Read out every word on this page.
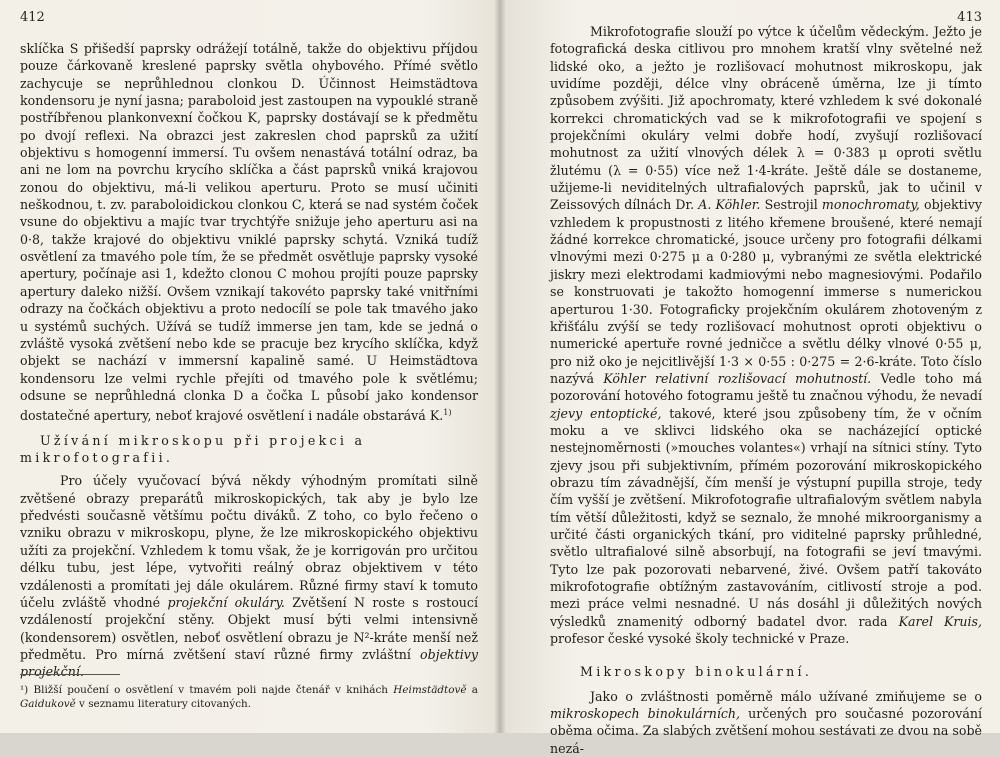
412

sklíčka S přišedší paprsky odrážejí totálně, takže do objektivu příjdou pouze čárkovaně kreslené paprsky světla ohybového. Přímé světlo zachycuje se neprůhlednou clonkou D. Účinnost Heimstädtova kondensoru je nyní jasna; paraboloid jest zastoupen na vypouklé straně postříbřenou plankonvexní čočkou K, paprsky dostávají se k předmětu po dvojí reflexi. Na obrazci jest zakreslen chod paprsků za užití objektivu s homogenní immersí. Tu ovšem nenastává totální odraz, ba ani ne lom na povrchu krycího sklíčka a část paprsků vniká krajovou zonou do objektivu, má-li velikou aperturu. Proto se musí učiniti neškodnou, t. zv. paraboloidickou clonkou C, která se nad systém čoček vsune do objektivu a majíc tvar trychtýře snižuje jeho aperturu asi na 0·8, takže krajové do objektivu vniklé paprsky schytá. Vzniká tudíž osvětlení za tmavého pole tím, že se předmět osvětluje paprsky vysoké apertury, počínaje asi 1, kdežto clonou C mohou projíti pouze paprsky apertury daleko nižší. Ovšem vznikají takovéto paprsky také vnitřními odrazy na čočkách objektivu a proto nedocílí se pole tak tmavého jako u systémů suchých. Užívá se tudíž immerse jen tam, kde se jedná o zvláště vysoká zvětšení nebo kde se pracuje bez krycího sklíčka, když objekt se nachází v immersní kapalině samé. U Heimstädtova kondensoru lze velmi rychle přejíti od tmavého pole k světlému; odsune se neprůhledná clonka D a čočka L působí jako kondensor dostatečné apertury, neboť krajové osvětlení i nadále obstarává K.$^{1)}$

Užívání mikroskopu při projekci a mikrofotografii.

Pro účely vyučovací bývá někdy výhodným promítati silně zvětšené obrazy preparátů mikroskopických, tak aby je bylo lze předvésti současně většímu počtu diváků. Z toho, co bylo řečeno o vzniku obrazu v mikroskopu, plyne, že lze mikroskopického objektivu užíti za projekční. Vzhledem k tomu však, že je korrigován pro určitou délku tubu, jest lépe, vytvořiti reálný obraz objektivem v této vzdálenosti a promítati jej dále okulárem. Různé firmy staví k tomuto účelu zvláště vhodné projekční okuláry. Zvětšení N roste s rostoucí vzdáleností projekční stěny. Objekt musí býti velmi intensivně (kondensorem) osvětlen, neboť osvětlení obrazu je N²-kráte menší než předmětu. Pro mírná zvětšení staví různé firmy zvláštní objektivy projekční.

¹) Bližší poučení o osvětlení v tmavém poli najde čtenář v knihách Heimstädtově a Gaidukově v seznamu literatury citovaných.
413

Mikrofotografie slouží po výtce k účelům vědeckým. Ježto je fotografická deska citlivou pro mnohem kratší vlny světelné než lidské oko, a ježto je rozlišovací mohutnost mikroskopu, jak uvidíme později, délce vlny obráceně úměrna, lze ji tímto způsobem zvýšiti. Již apochromaty, které vzhledem k své dokonalé korrekci chromatických vad se k mikrofotografii ve spojení s projekčními okuláry velmi dobře hodí, zvyšují rozlišovací mohutnost za užití vlnových délek λ = 0·383 μ oproti světlu žlutému (λ = 0·55) více než 1·4-kráte. Ještě dále se dostaneme, užijeme-li neviditelných ultrafialových paprsků, jak to učinil v Zeissových dílnách Dr. A. Köhler. Sestrojil monochromaty, objektivy vzhledem k propustnosti z litého křemene broušené, které nemají žádné korrekce chromatické, jsouce určeny pro fotografii délkami vlnovými mezi 0·275 μ a 0·280 μ, vybranými ze světla elektrické jiskry mezi elektrodami kadmiovými nebo magnesiovými. Podařilo se konstruovati je takožto homogenní immerse s numerickou aperturou 1·30. Fotograficky projekčním okulárem zhotoveným z křišťálu zvýší se tedy rozlišovací mohutnost oproti objektivu o numerické apertuře rovné jedničce a světlu délky vlnové 0·55 μ, pro niž oko je nejcitlivější 1·3 × 0·55 : 0·275 = 2·6-kráte. Toto číslo nazývá Köhler relativní rozlišovací mohutností. Vedle toho má pozorování hotového fotogramu ještě tu značnou výhodu, že nevadí zjevy entoptické, takové, které jsou způsobeny tím, že v očním moku a ve sklivci lidského oka se nacházející optické nestejnoměrnosti (»mouches volantes«) vrhají na sítnici stíny. Tyto zjevy jsou při subjektivním, přímém pozorování mikroskopického obrazu tím závadnější, čím menší je výstupní pupilla stroje, tedy čím vyšší je zvětšení. Mikrofotografie ultrafialovým světlem nabyla tím větší důležitosti, když se seznalo, že mnohé mikroorganismy a určité části organických tkání, pro viditelné paprsky průhledné, světlo ultrafialové silně absorbují, na fotografii se jeví tmavými. Tyto lze pak pozorovati nebarvené, živé. Ovšem patří takováto mikrofotografie obtížným zastavováním, citlivostí stroje a pod. mezi práce velmi nesnadné. U nás dosáhl ji důležitých nových výsledků znamenitý odborný badatel dvor. rada Karel Kruis, profesor české vysoké školy technické v Praze.

Mikroskopy binokulární.

Jako o zvláštnosti poměrně málo užívané zmiňujeme se o mikroskopech binokulárních, určených pro současné pozorování oběma očima. Za slabých zvětšení mohou sestávati ze dvou na sobě nezá-
